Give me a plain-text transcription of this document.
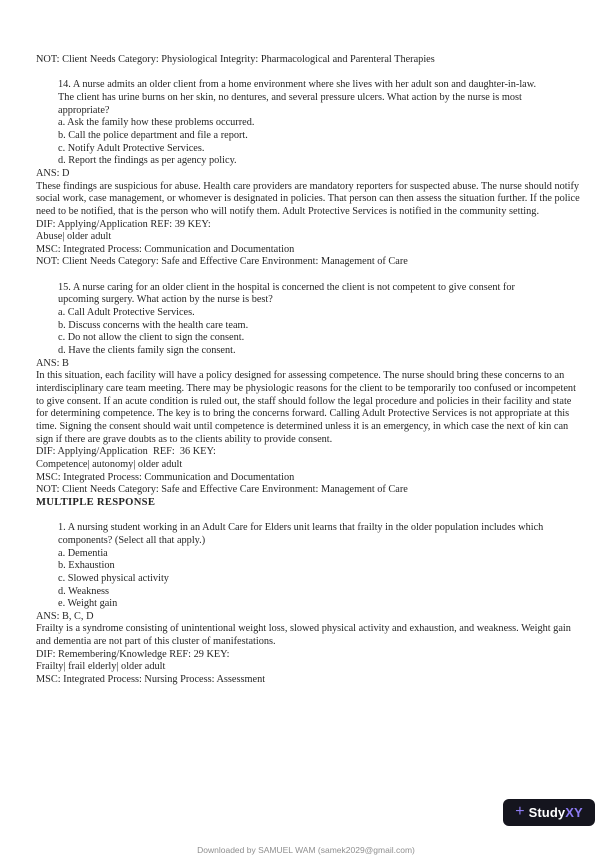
NOT: Client Needs Category: Physiological Integrity: Pharmacological and Parenteral Therapies

14. A nurse admits an older client from a home environment where she lives with her adult son and daughter-in-law. The client has urine burns on her skin, no dentures, and several pressure ulcers. What action by the nurse is most appropriate?

a. Ask the family how these problems occurred.

b. Call the police department and file a report.

c. Notify Adult Protective Services.

d. Report the findings as per agency policy.

ANS: D

These findings are suspicious for abuse. Health care providers are mandatory reporters for suspected abuse. The nurse should notify social work, case management, or whomever is designated in policies. That person can then assess the situation further. If the police need to be notified, that is the person who will notify them. Adult Protective Services is notified in the community setting.

DIF: Applying/Application REF: 39 KEY:

Abuse| older adult

MSC: Integrated Process: Communication and Documentation

NOT: Client Needs Category: Safe and Effective Care Environment: Management of Care

15. A nurse caring for an older client in the hospital is concerned the client is not competent to give consent for upcoming surgery. What action by the nurse is best?

a. Call Adult Protective Services.

b. Discuss concerns with the health care team.

c. Do not allow the client to sign the consent.

d. Have the clients family sign the consent.

ANS: B

In this situation, each facility will have a policy designed for assessing competence. The nurse should bring these concerns to an interdisciplinary care team meeting. There may be physiologic reasons for the client to be temporarily too confused or incompetent to give consent. If an acute condition is ruled out, the staff should follow the legal procedure and policies in their facility and state for determining competence. The key is to bring the concerns forward. Calling Adult Protective Services is not appropriate at this time. Signing the consent should wait until competence is determined unless it is an emergency, in which case the next of kin can sign if there are grave doubts as to the clients ability to provide consent.

DIF: Applying/Application  REF:  36 KEY:

Competence| autonomy| older adult

MSC: Integrated Process: Communication and Documentation

NOT: Client Needs Category: Safe and Effective Care Environment: Management of Care

MULTIPLE RESPONSE

1. A nursing student working in an Adult Care for Elders unit learns that frailty in the older population includes which components? (Select all that apply.)

a. Dementia

b. Exhaustion

c. Slowed physical activity

d. Weakness

e. Weight gain

ANS: B, C, D

Frailty is a syndrome consisting of unintentional weight loss, slowed physical activity and exhaustion, and weakness. Weight gain and dementia are not part of this cluster of manifestations.

DIF: Remembering/Knowledge REF: 29 KEY:

Frailty| frail elderly| older adult

MSC: Integrated Process: Nursing Process: Assessment

+ StudyXY
Downloaded by SAMUEL WAM (samek2029@gmail.com)
